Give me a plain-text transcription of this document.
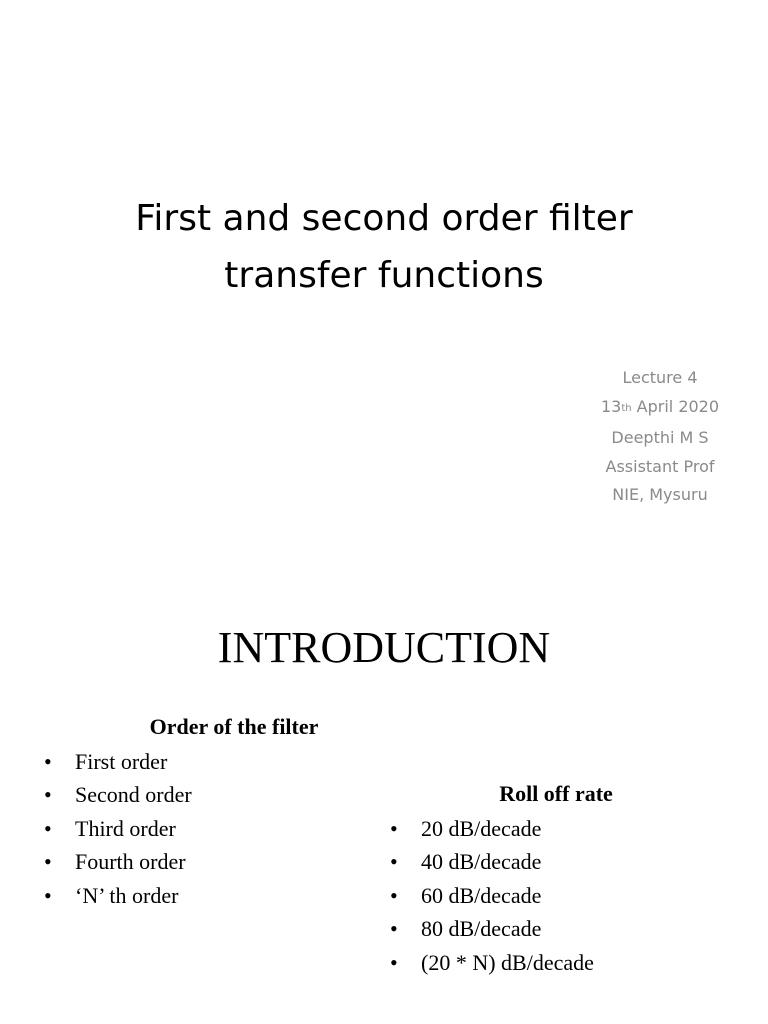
First and second order filter
transfer functions
Lecture 4
13th April 2020
Deepthi M S
Assistant Prof
NIE, Mysuru
INTRODUCTION
Order of the filter
• First order
• Second order
• Third order
• Fourth order
• ‘N’ th order
Roll off rate
• 20 dB/decade
• 40 dB/decade
• 60 dB/decade
• 80 dB/decade
• (20 * N) dB/decade
